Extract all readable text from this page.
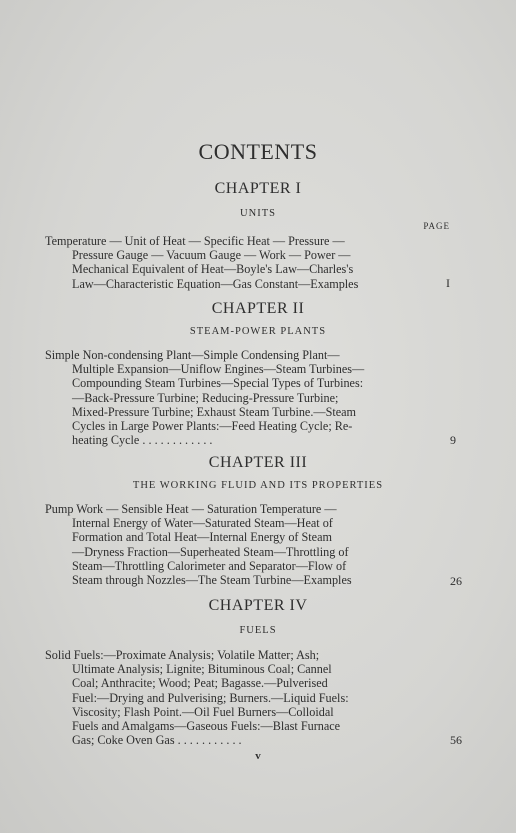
CONTENTS
CHAPTER I
UNITS
PAGE
Temperature — Unit of Heat — Specific Heat — Pressure —
Pressure Gauge — Vacuum Gauge — Work — Power —
Mechanical Equivalent of Heat—Boyle's Law—Charles's
Law—Characteristic Equation—Gas Constant—Examples	I
CHAPTER II
STEAM-POWER PLANTS
Simple Non-condensing Plant—Simple Condensing Plant—
Multiple Expansion—Uniflow Engines—Steam Turbines—
Compounding Steam Turbines—Special Types of Turbines:
—Back-Pressure Turbine; Reducing-Pressure Turbine;
Mixed-Pressure Turbine; Exhaust Steam Turbine.—Steam
Cycles in Large Power Plants:—Feed Heating Cycle; Re-
heating Cycle . . . . . . . . . . . .	9
CHAPTER III
THE WORKING FLUID AND ITS PROPERTIES
Pump Work — Sensible Heat — Saturation Temperature —
Internal Energy of Water—Saturated Steam—Heat of
Formation and Total Heat—Internal Energy of Steam
—Dryness Fraction—Superheated Steam—Throttling of
Steam—Throttling Calorimeter and Separator—Flow of
Steam through Nozzles—The Steam Turbine—Examples	26
CHAPTER IV
FUELS
Solid Fuels:—Proximate Analysis; Volatile Matter; Ash;
Ultimate Analysis; Lignite; Bituminous Coal; Cannel
Coal; Anthracite; Wood; Peat; Bagasse.—Pulverised
Fuel:—Drying and Pulverising; Burners.—Liquid Fuels:
Viscosity; Flash Point.—Oil Fuel Burners—Colloidal
Fuels and Amalgams—Gaseous Fuels:—Blast Furnace
Gas; Coke Oven Gas . . . . . . . . . . .	56
v
